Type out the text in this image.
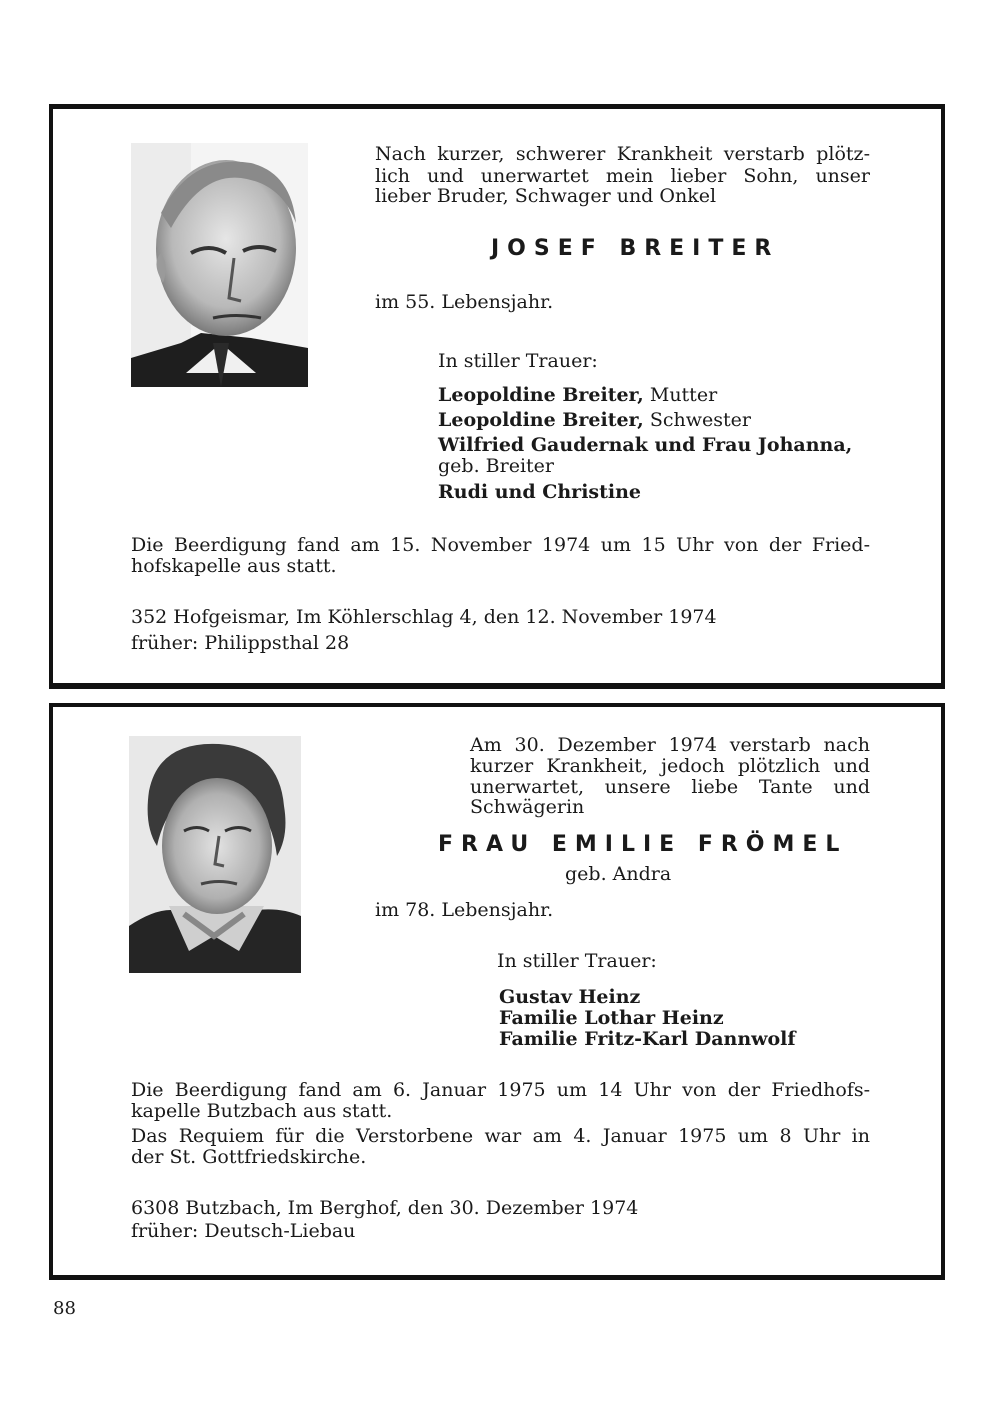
Nach kurzer, schwerer Krankheit verstarb plötz-
lich und unerwartet mein lieber Sohn, unser
lieber Bruder, Schwager und Onkel
JOSEF BREITER
im 55. Lebensjahr.
In stiller Trauer:
Leopoldine Breiter, Mutter
Leopoldine Breiter, Schwester
Wilfried Gaudernak und Frau Johanna,
geb. Breiter
Rudi und Christine
Die Beerdigung fand am 15. November 1974 um 15 Uhr von der Fried-
hofskapelle aus statt.
352 Hofgeismar, Im Köhlerschlag 4, den 12. November 1974
früher: Philippsthal 28
Am 30. Dezember 1974 verstarb nach
kurzer Krankheit, jedoch plötzlich und
unerwartet, unsere liebe Tante und
Schwägerin
FRAU EMILIE FRÖMEL
geb. Andra
im 78. Lebensjahr.
In stiller Trauer:
Gustav Heinz
Familie Lothar Heinz
Familie Fritz-Karl Dannwolf
Die Beerdigung fand am 6. Januar 1975 um 14 Uhr von der Friedhofs-
kapelle Butzbach aus statt.
Das Requiem für die Verstorbene war am 4. Januar 1975 um 8 Uhr in
der St. Gottfriedskirche.
6308 Butzbach, Im Berghof, den 30. Dezember 1974
früher: Deutsch-Liebau
88
